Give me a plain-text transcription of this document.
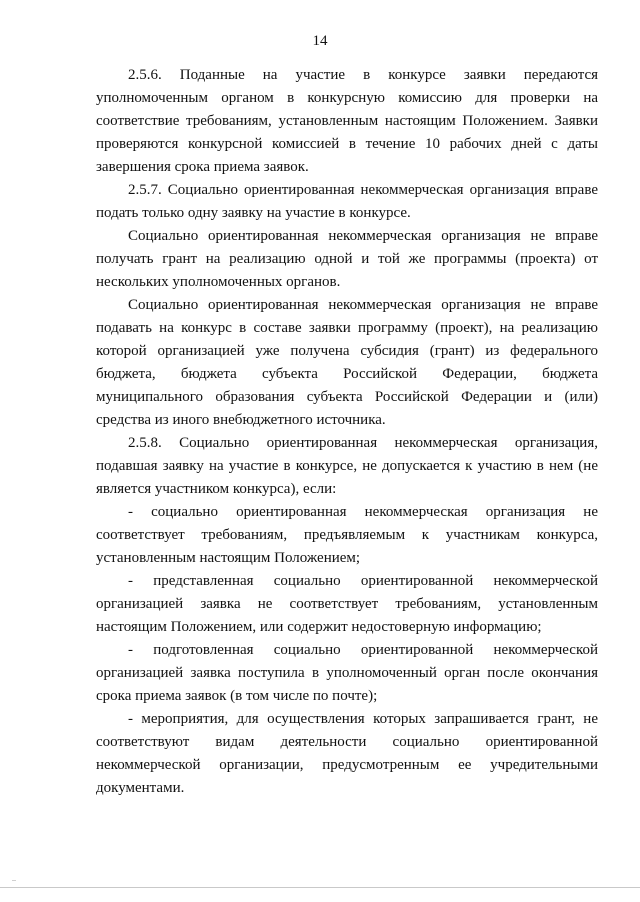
14

2.5.6. Поданные на участие в конкурсе заявки передаются уполномоченным органом в конкурсную комиссию для проверки на соответствие требованиям, установленным настоящим Положением. Заявки проверяются конкурсной комиссией в течение 10 рабочих дней с даты завершения срока приема заявок.

2.5.7. Социально ориентированная некоммерческая организация вправе подать только одну заявку на участие в конкурсе.

Социально ориентированная некоммерческая организация не вправе получать грант на реализацию одной и той же программы (проекта) от нескольких уполномоченных органов.

Социально ориентированная некоммерческая организация не вправе подавать на конкурс в составе заявки программу (проект), на реализацию которой организацией уже получена субсидия (грант) из федерального бюджета, бюджета субъекта Российской Федерации, бюджета муниципального образования субъекта Российской Федерации и (или) средства из иного внебюджетного источника.

2.5.8. Социально ориентированная некоммерческая организация, подавшая заявку на участие в конкурсе, не допускается к участию в нем (не является участником конкурса), если:

- социально ориентированная некоммерческая организация не соответствует требованиям, предъявляемым к участникам конкурса, установленным настоящим Положением;

- представленная социально ориентированной некоммерческой организацией заявка не соответствует требованиям, установленным настоящим Положением, или содержит недостоверную информацию;

- подготовленная социально ориентированной некоммерческой организацией заявка поступила в уполномоченный орган после окончания срока приема заявок (в том числе по почте);

- мероприятия, для осуществления которых запрашивается грант, не соответствуют видам деятельности социально ориентированной некоммерческой организации, предусмотренным ее учредительными документами.
